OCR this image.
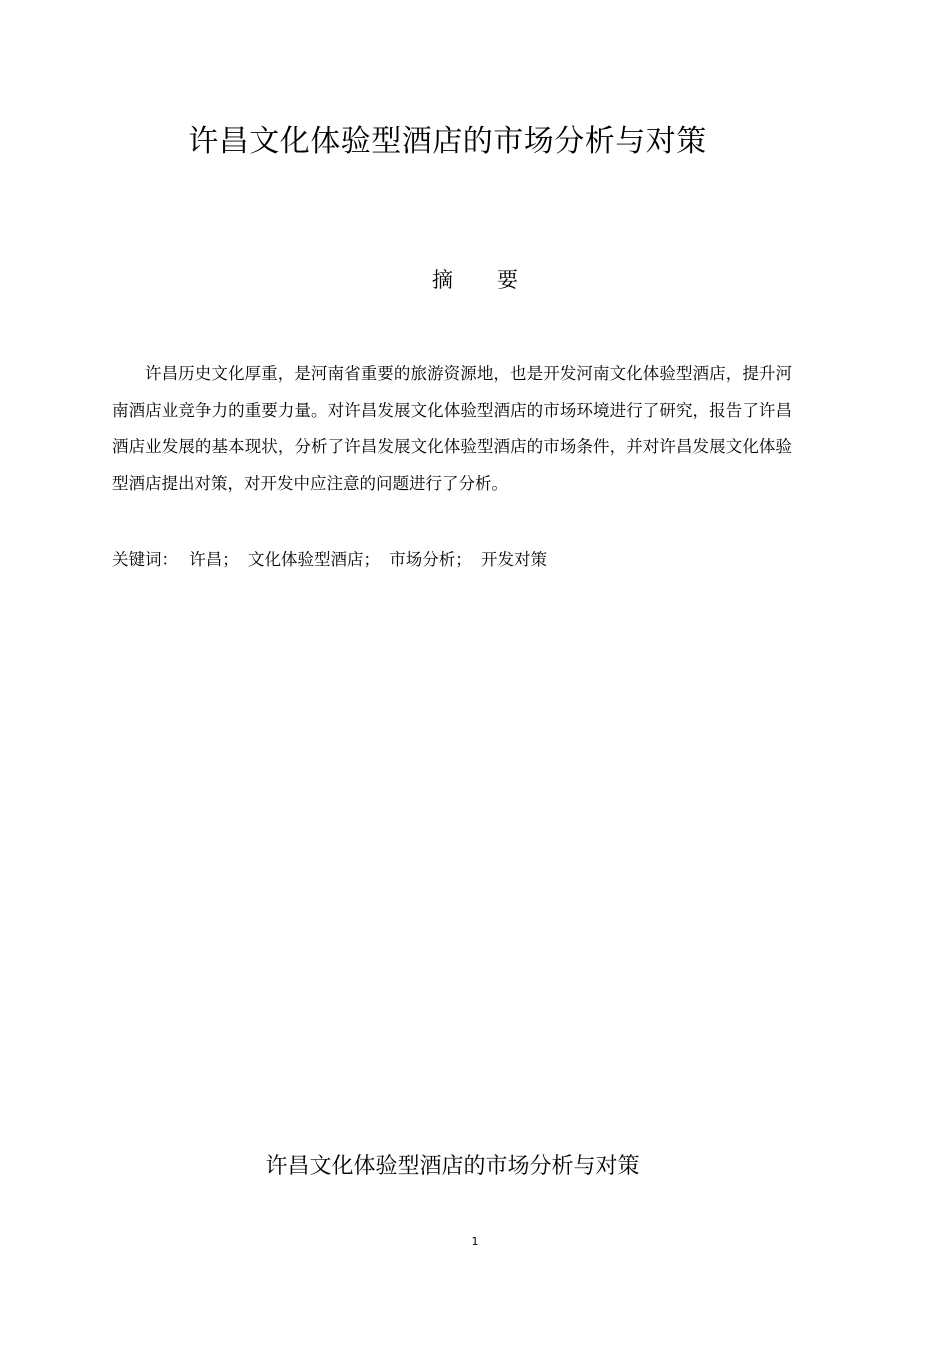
许昌文化体验型酒店的市场分析与对策
摘 要

许昌历史文化厚重，是河南省重要的旅游资源地，也是开发河南文化体验型酒店，提升河南酒店业竞争力的重要力量。对许昌发展文化体验型酒店的市场环境进行了研究，报告了许昌酒店业发展的基本现状，分析了许昌发展文化体验型酒店的市场条件，并对许昌发展文化体验型酒店提出对策，对开发中应注意的问题进行了分析。

关键词： 许昌； 文化体验型酒店； 市场分析； 开发对策
许昌文化体验型酒店的市场分析与对策
1
